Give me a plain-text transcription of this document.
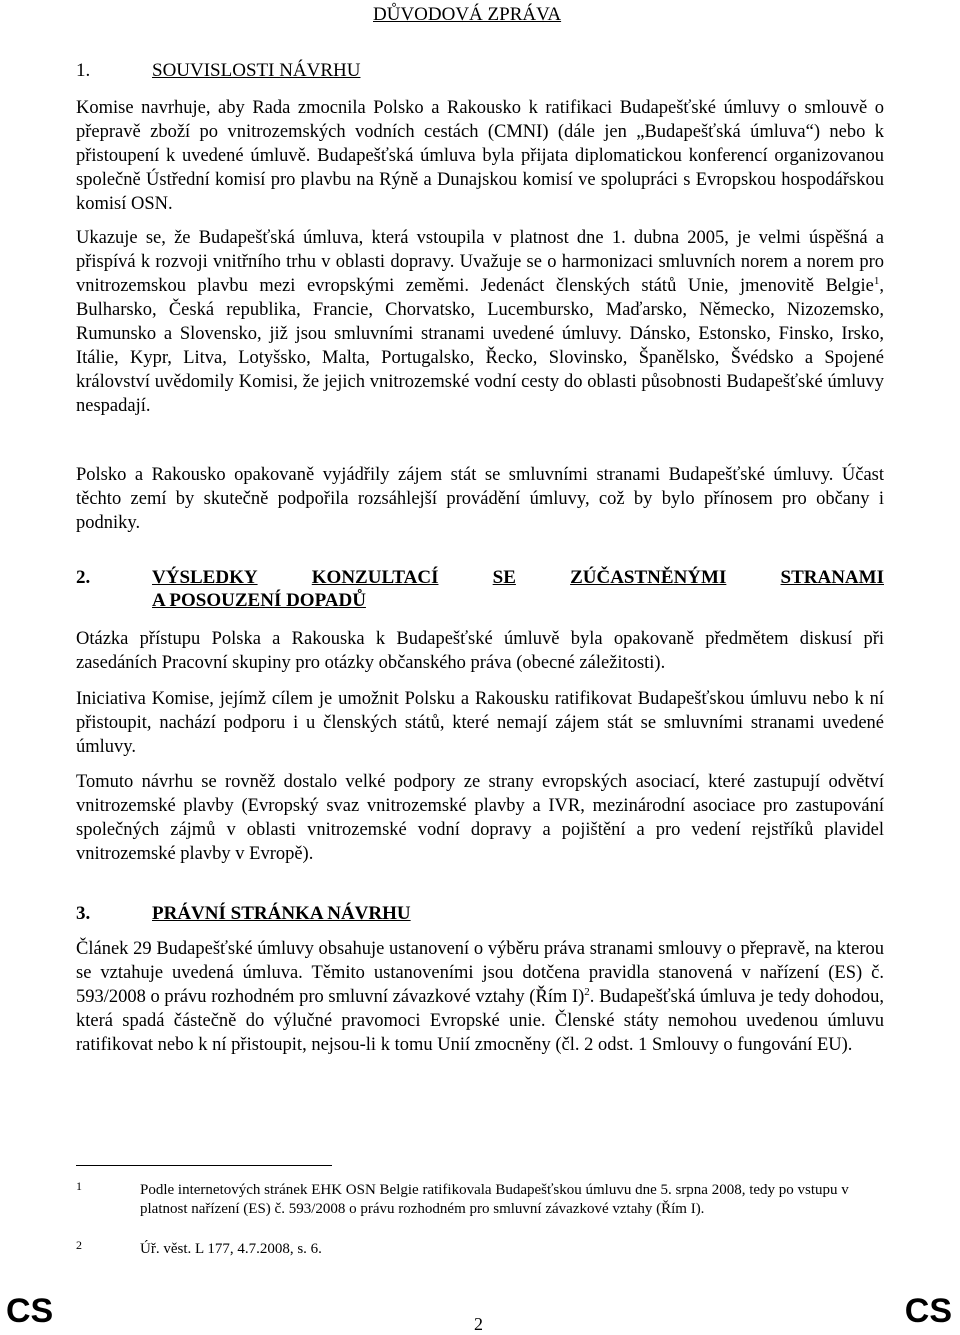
DŮVODOVÁ ZPRÁVA
1.	SOUVISLOSTI NÁVRHU
Komise navrhuje, aby Rada zmocnila Polsko a Rakousko k ratifikaci Budapešťské úmluvy o smlouvě o přepravě zboží po vnitrozemských vodních cestách (CMNI) (dále jen „Budapešťská úmluva“) nebo k přistoupení k uvedené úmluvě. Budapešťská úmluva byla přijata diplomatickou konferencí organizovanou společně Ústřední komisí pro plavbu na Rýně a Dunajskou komisí ve spolupráci s Evropskou hospodářskou komisí OSN.
Ukazuje se, že Budapešťská úmluva, která vstoupila v platnost dne 1. dubna 2005, je velmi úspěšná a přispívá k rozvoji vnitřního trhu v oblasti dopravy. Uvažuje se o harmonizaci smluvních norem a norem pro vnitrozemskou plavbu mezi evropskými zeměmi. Jedenáct členských států Unie, jmenovitě Belgie$^1$, Bulharsko, Česká republika, Francie, Chorvatsko, Lucembursko, Maďarsko, Německo, Nizozemsko, Rumunsko a Slovensko, již jsou smluvními stranami uvedené úmluvy. Dánsko, Estonsko, Finsko, Irsko, Itálie, Kypr, Litva, Lotyšsko, Malta, Portugalsko, Řecko, Slovinsko, Španělsko, Švédsko a Spojené království uvědomily Komisi, že jejich vnitrozemské vodní cesty do oblasti působnosti Budapešťské úmluvy nespadají.
Polsko a Rakousko opakovaně vyjádřily zájem stát se smluvními stranami Budapešťské úmluvy. Účast těchto zemí by skutečně podpořila rozsáhlejší provádění úmluvy, což by bylo přínosem pro občany i podniky.
2.	VÝSLEDKY	KONZULTACÍ	SE	ZÚČASTNĚNÝMI	STRANAMI
A POSOUZENÍ DOPADŮ
Otázka přístupu Polska a Rakouska k Budapešťské úmluvě byla opakovaně předmětem diskusí při zasedáních Pracovní skupiny pro otázky občanského práva (obecné záležitosti).
Iniciativa Komise, jejímž cílem je umožnit Polsku a Rakousku ratifikovat Budapešťskou úmluvu nebo k ní přistoupit, nachází podporu i u členských států, které nemají zájem stát se smluvními stranami uvedené úmluvy.
Tomuto návrhu se rovněž dostalo velké podpory ze strany evropských asociací, které zastupují odvětví vnitrozemské plavby (Evropský svaz vnitrozemské plavby a IVR, mezinárodní asociace pro zastupování společných zájmů v oblasti vnitrozemské vodní dopravy a pojištění a pro vedení rejstříků plavidel vnitrozemské plavby v Evropě).
3.	PRÁVNÍ STRÁNKA NÁVRHU
Článek 29 Budapešťské úmluvy obsahuje ustanovení o výběru práva stranami smlouvy o přepravě, na kterou se vztahuje uvedená úmluva. Těmito ustanoveními jsou dotčena pravidla stanovená v nařízení (ES) č. 593/2008 o právu rozhodném pro smluvní závazkové vztahy (Řím I)$^2$. Budapešťská úmluva je tedy dohodou, která spadá částečně do výlučné pravomoci Evropské unie. Členské státy nemohou uvedenou úmluvu ratifikovat nebo k ní přistoupit, nejsou-li k tomu Unií zmocněny (čl. 2 odst. 1 Smlouvy o fungování EU).
1	Podle internetových stránek EHK OSN Belgie ratifikovala Budapešťskou úmluvu dne 5. srpna 2008, tedy po vstupu v platnost nařízení (ES) č. 593/2008 o právu rozhodném pro smluvní závazkové vztahy (Řím I).
2	Úř. věst. L 177, 4.7.2008, s. 6.
CS	2	CS
